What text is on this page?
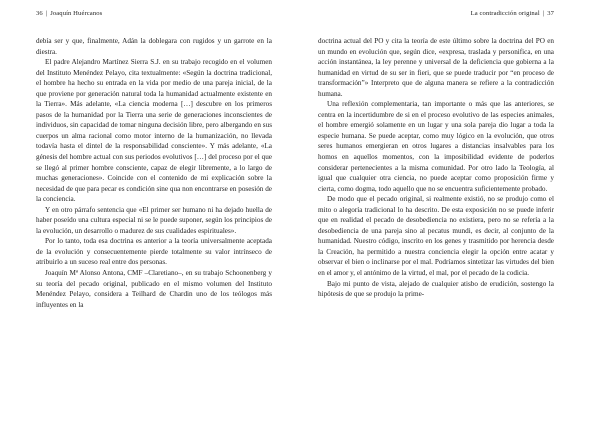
36 | Joaquín Huércanos

debía ser y que, finalmente, Adán la doblegara con rugidos y un garrote en la diestra.

El padre Alejandro Martínez Sierra S.J. en su trabajo recogido en el volumen del Instituto Menéndez Pelayo, cita textualmente: «Según la doctrina tradicional, el hombre ha hecho su entrada en la vida por medio de una pareja inicial, de la que proviene por generación natural toda la humanidad actualmente existente en la Tierra». Más adelante, «La ciencia moderna […] descubre en los primeros pasos de la humanidad por la Tierra una serie de generaciones inconscientes de individuos, sin capacidad de tomar ninguna decisión libre, pero albergando en sus cuerpos un alma racional como motor interno de la humanización, no llevada todavía hasta el dintel de la responsabilidad consciente». Y más adelante, «La génesis del hombre actual con sus periodos evolutivos […] del proceso por el que se llegó al primer hombre consciente, capaz de elegir libremente, a lo largo de muchas generaciones». Coincide con el contenido de mi explicación sobre la necesidad de que para pecar es condición sine qua non encontrarse en posesión de la conciencia.

Y en otro párrafo sentencia que «El primer ser humano ni ha dejado huella de haber poseído una cultura especial ni se le puede suponer, según los principios de la evolución, un desarrollo o madurez de sus cualidades espirituales».

Por lo tanto, toda esa doctrina es anterior a la teoría universalmente aceptada de la evolución y consecuentemente pierde totalmente su valor intrínseco de atribuirlo a un suceso real entre dos personas.

Joaquín Mª Alonso Antona, CMF –Claretiano–, en su trabajo Schoonenberg y su teoría del pecado original, publicado en el mismo volumen del Instituto Menéndez Pelayo, considera a Teilhard de Chardin uno de los teólogos más influyentes en la

La contradicción original | 37

doctrina actual del PO y cita la teoría de este último sobre la doctrina del PO en un mundo en evolución que, según dice, «expresa, traslada y personifica, en una acción instantánea, la ley perenne y universal de la deficiencia que gobierna a la humanidad en virtud de su ser in fieri, que se puede traducir por “en proceso de transformación”» Interpreto que de alguna manera se refiere a la contradicción humana.

Una reflexión complementaria, tan importante o más que las anteriores, se centra en la incertidumbre de si en el proceso evolutivo de las especies animales, el hombre emergió solamente en un lugar y una sola pareja dio lugar a toda la especie humana. Se puede aceptar, como muy lógico en la evolución, que otros seres humanos emergieran en otros lugares a distancias insalvables para los homos en aquellos momentos, con la imposibilidad evidente de poderlos considerar pertenecientes a la misma comunidad. Por otro lado la Teología, al igual que cualquier otra ciencia, no puede aceptar como proposición firme y cierta, como dogma, todo aquello que no se encuentra suficientemente probado.

De modo que el pecado original, si realmente existió, no se produjo como el mito o alegoría tradicional lo ha descrito. De esta exposición no se puede inferir que en realidad el pecado de desobediencia no existiera, pero no se refería a la desobediencia de una pareja sino al pecatus mundi, es decir, al conjunto de la humanidad. Nuestro código, inscrito en los genes y trasmitido por herencia desde la Creación, ha permitido a nuestra conciencia elegir la opción entre acatar y observar el bien o inclinarse por el mal. Podríamos sintetizar las virtudes del bien en el amor y, el antónimo de la virtud, el mal, por el pecado de la codicia.

Bajo mi punto de vista, alejado de cualquier atisbo de erudición, sostengo la hipótesis de que se produjo la prime-
